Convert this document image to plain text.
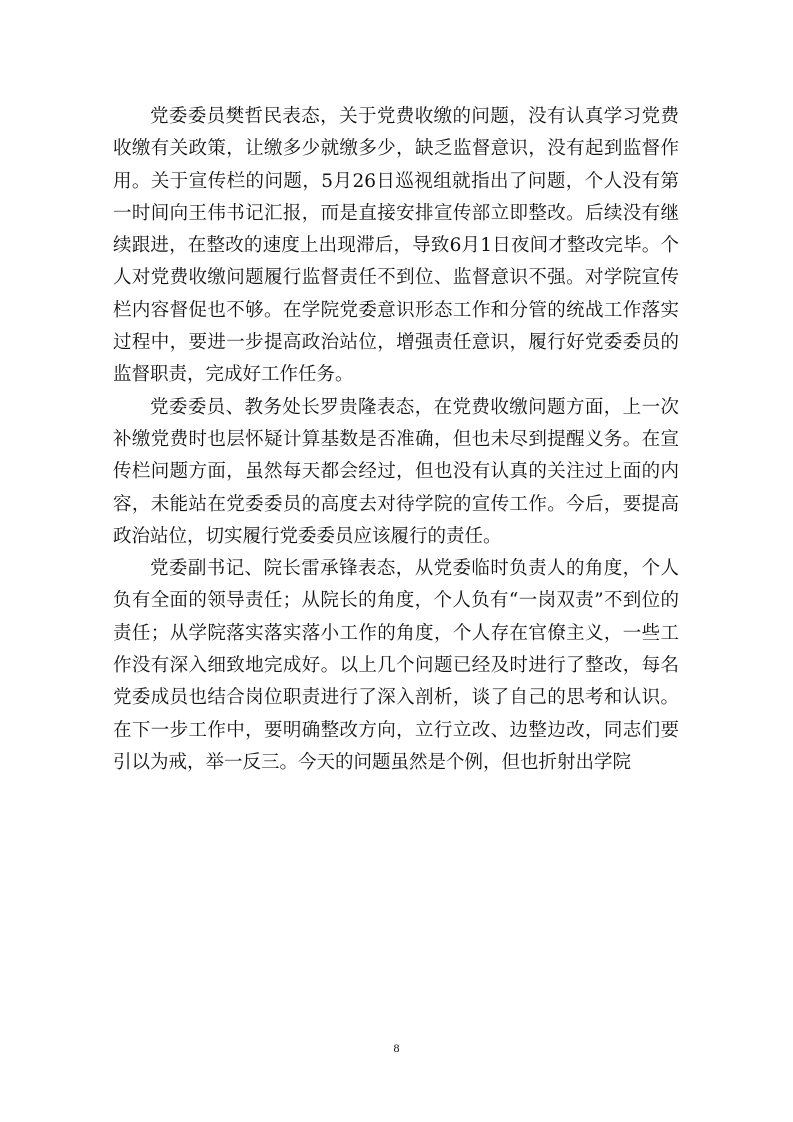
党委委员樊哲民表态，关于党费收缴的问题，没有认真学习党费收缴有关政策，让缴多少就缴多少，缺乏监督意识，没有起到监督作用。关于宣传栏的问题，5月26日巡视组就指出了问题，个人没有第一时间向王伟书记汇报，而是直接安排宣传部立即整改。后续没有继续跟进，在整改的速度上出现滞后，导致6月1日夜间才整改完毕。个人对党费收缴问题履行监督责任不到位、监督意识不强。对学院宣传栏内容督促也不够。在学院党委意识形态工作和分管的统战工作落实过程中，要进一步提高政治站位，增强责任意识，履行好党委委员的监督职责，完成好工作任务。

党委委员、教务处长罗贵隆表态，在党费收缴问题方面，上一次补缴党费时也层怀疑计算基数是否准确，但也未尽到提醒义务。在宣传栏问题方面，虽然每天都会经过，但也没有认真的关注过上面的内容，未能站在党委委员的高度去对待学院的宣传工作。今后，要提高政治站位，切实履行党委委员应该履行的责任。

党委副书记、院长雷承锋表态，从党委临时负责人的角度，个人负有全面的领导责任；从院长的角度，个人负有“一岗双责”不到位的责任；从学院落实落实落小工作的角度，个人存在官僚主义，一些工作没有深入细致地完成好。以上几个问题已经及时进行了整改，每名党委成员也结合岗位职责进行了深入剖析，谈了自己的思考和认识。在下一步工作中，要明确整改方向，立行立改、边整边改，同志们要引以为戒，举一反三。今天的问题虽然是个例，但也折射出学院

8
